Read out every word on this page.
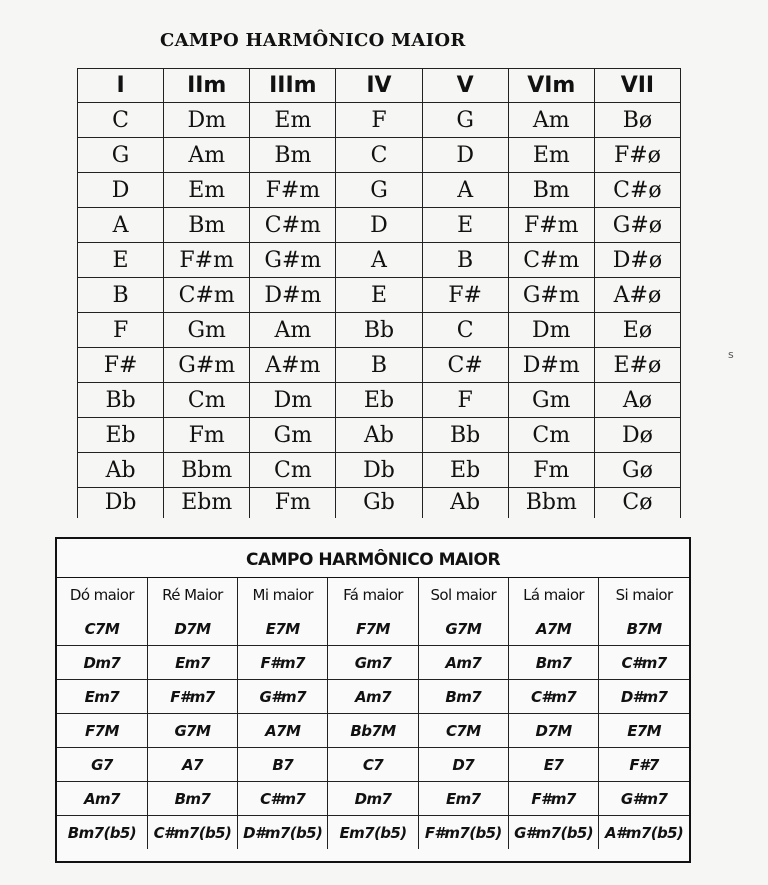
CAMPO HARMÔNICO MAIOR
I	IIm	IIIm	IV	V	VIm	VII
C	Dm	Em	F	G	Am	Bø
G	Am	Bm	C	D	Em	F#ø
D	Em	F#m	G	A	Bm	C#ø
A	Bm	C#m	D	E	F#m	G#ø
E	F#m	G#m	A	B	C#m	D#ø
B	C#m	D#m	E	F#	G#m	A#ø
F	Gm	Am	Bb	C	Dm	Eø
F#	G#m	A#m	B	C#	D#m	E#ø
Bb	Cm	Dm	Eb	F	Gm	Aø
Eb	Fm	Gm	Ab	Bb	Cm	Dø
Ab	Bbm	Cm	Db	Eb	Fm	Gø
Db	Ebm	Fm	Gb	Ab	Bbm	Cø
CAMPO HARMÔNICO MAIOR
Dó maior	Ré Maior	Mi maior	Fá maior	Sol maior	Lá maior	Si maior
C7M	D7M	E7M	F7M	G7M	A7M	B7M
Dm7	Em7	F#m7	Gm7	Am7	Bm7	C#m7
Em7	F#m7	G#m7	Am7	Bm7	C#m7	D#m7
F7M	G7M	A7M	Bb7M	C7M	D7M	E7M
G7	A7	B7	C7	D7	E7	F#7
Am7	Bm7	C#m7	Dm7	Em7	F#m7	G#m7
Bm7(b5)	C#m7(b5)	D#m7(b5)	Em7(b5)	F#m7(b5)	G#m7(b5)	A#m7(b5)
ꜱ
